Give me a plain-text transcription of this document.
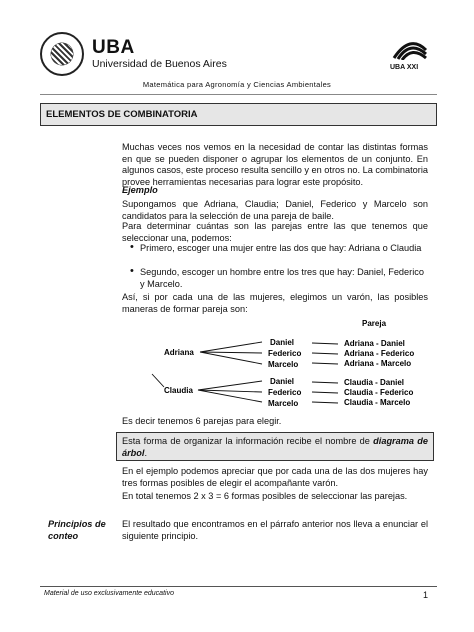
UBA
Universidad de Buenos Aires	UBA XXI
Matemática para Agronomía y Ciencias Ambientales
ELEMENTOS DE COMBINATORIA
Muchas veces nos vemos en la necesidad de contar las distintas formas en que se pueden disponer o agrupar los elementos de un conjunto. En algunos casos, este proceso resulta sencillo y en otros no. La combinatoria provee herramientas necesarias para lograr este propósito.
Ejemplo
Supongamos que Adriana, Claudia; Daniel, Federico y Marcelo son candidatos para la selección de una pareja de baile.
Para determinar cuántas son las parejas entre las que tenemos que seleccionar una, podemos:
• Primero, escoger una mujer entre las dos que hay: Adriana o Claudia
• Segundo, escoger un hombre entre los tres que hay: Daniel, Federico y Marcelo.
Así, si por cada una de las mujeres, elegimos un varón, las posibles maneras de formar pareja son:
Pareja
Adriana
Daniel
Federico
Marcelo
Adriana - Daniel
Adriana - Federico
Adriana - Marcelo
Claudia
Daniel
Federico
Marcelo
Claudia - Daniel
Claudia - Federico
Claudia - Marcelo
Es decir tenemos 6 parejas para elegir.
Esta forma de organizar la información recibe el nombre de diagrama de árbol.
En el ejemplo podemos apreciar que por cada una de las dos mujeres hay tres formas posibles de elegir el acompañante varón.
En total tenemos 2 x 3 = 6 formas posibles de seleccionar las parejas.
Principios de conteo
El resultado que encontramos en el párrafo anterior nos lleva a enunciar el siguiente principio.
Material de uso exclusivamente educativo	1
